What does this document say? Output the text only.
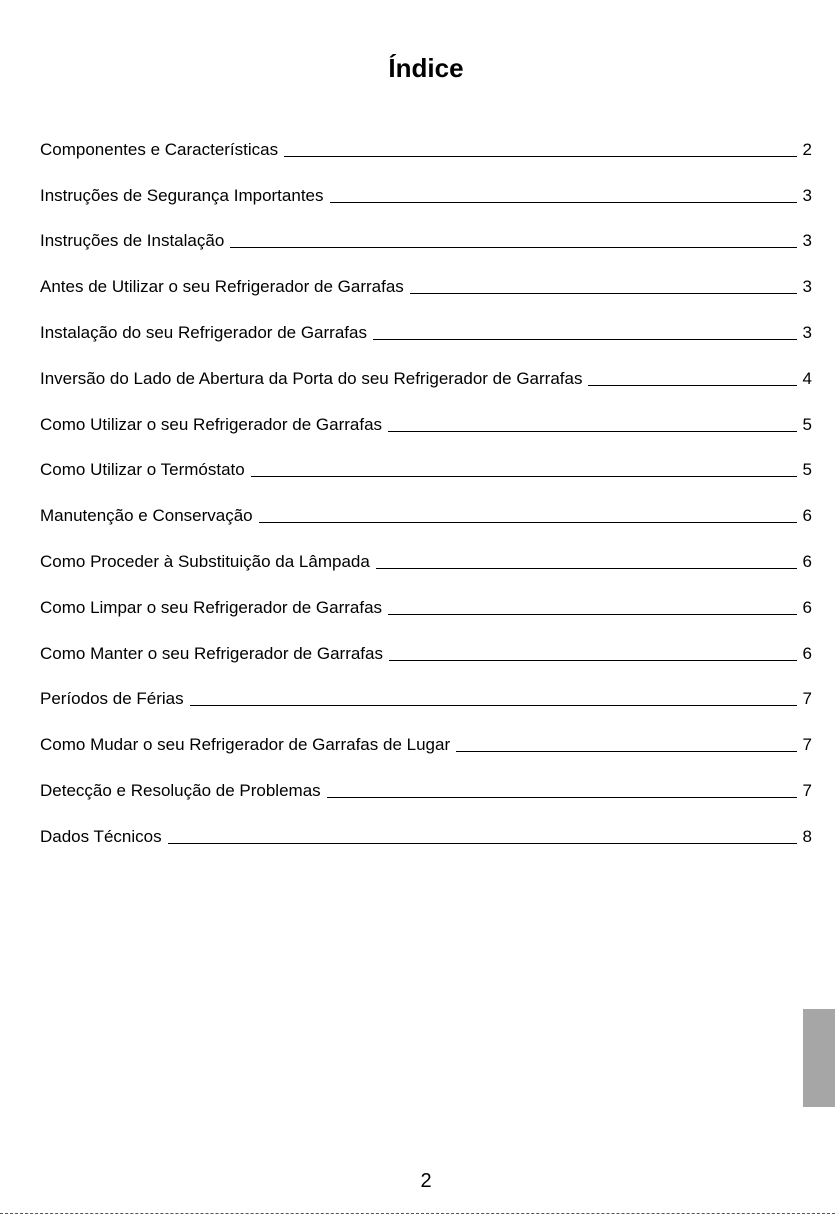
Índice
Componentes e Características	2
Instruções de Segurança Importantes	3
Instruções de Instalação	3
Antes de Utilizar o seu Refrigerador de Garrafas	3
Instalação do seu Refrigerador de Garrafas	3
Inversão do Lado de Abertura da Porta do seu Refrigerador de Garrafas	4
Como Utilizar o seu Refrigerador de Garrafas	5
Como Utilizar o Termóstato	5
Manutenção e Conservação	6
Como Proceder à Substituição da Lâmpada	6
Como Limpar o seu Refrigerador de Garrafas	6
Como Manter o seu Refrigerador de Garrafas	6
Períodos de Férias	7
Como Mudar o seu Refrigerador de Garrafas de Lugar	7
Detecção e Resolução de Problemas	7
Dados Técnicos	8
2
